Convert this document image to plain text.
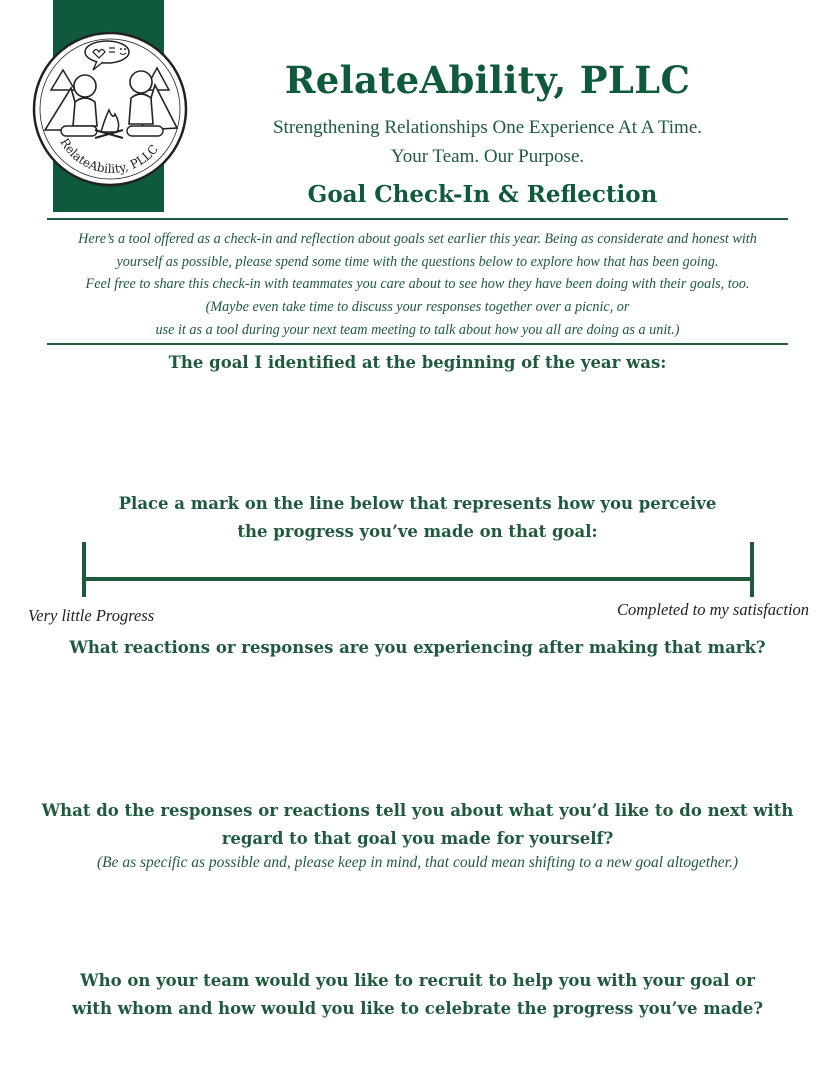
RelateAbility, PLLC
RelateAbility, PLLC
Strengthening Relationships One Experience At A Time.
Your Team. Our Purpose.
Goal Check-In & Reflection
Here’s a tool offered as a check-in and reflection about goals set earlier this year. Being as considerate and honest with
yourself as possible, please spend some time with the questions below to explore how that has been going.
Feel free to share this check-in with teammates you care about to see how they have been doing with their goals, too.
(Maybe even take time to discuss your responses together over a picnic, or
use it as a tool during your next team meeting to talk about how you all are doing as a unit.)
The goal I identified at the beginning of the year was:
Place a mark on the line below that represents how you perceive
the progress you’ve made on that goal:
Very little Progress	Completed to my satisfaction
What reactions or responses are you experiencing after making that mark?
What do the responses or reactions tell you about what you’d like to do next with
regard to that goal you made for yourself?
(Be as specific as possible and, please keep in mind, that could mean shifting to a new goal altogether.)
Who on your team would you like to recruit to help you with your goal or
with whom and how would you like to celebrate the progress you’ve made?
